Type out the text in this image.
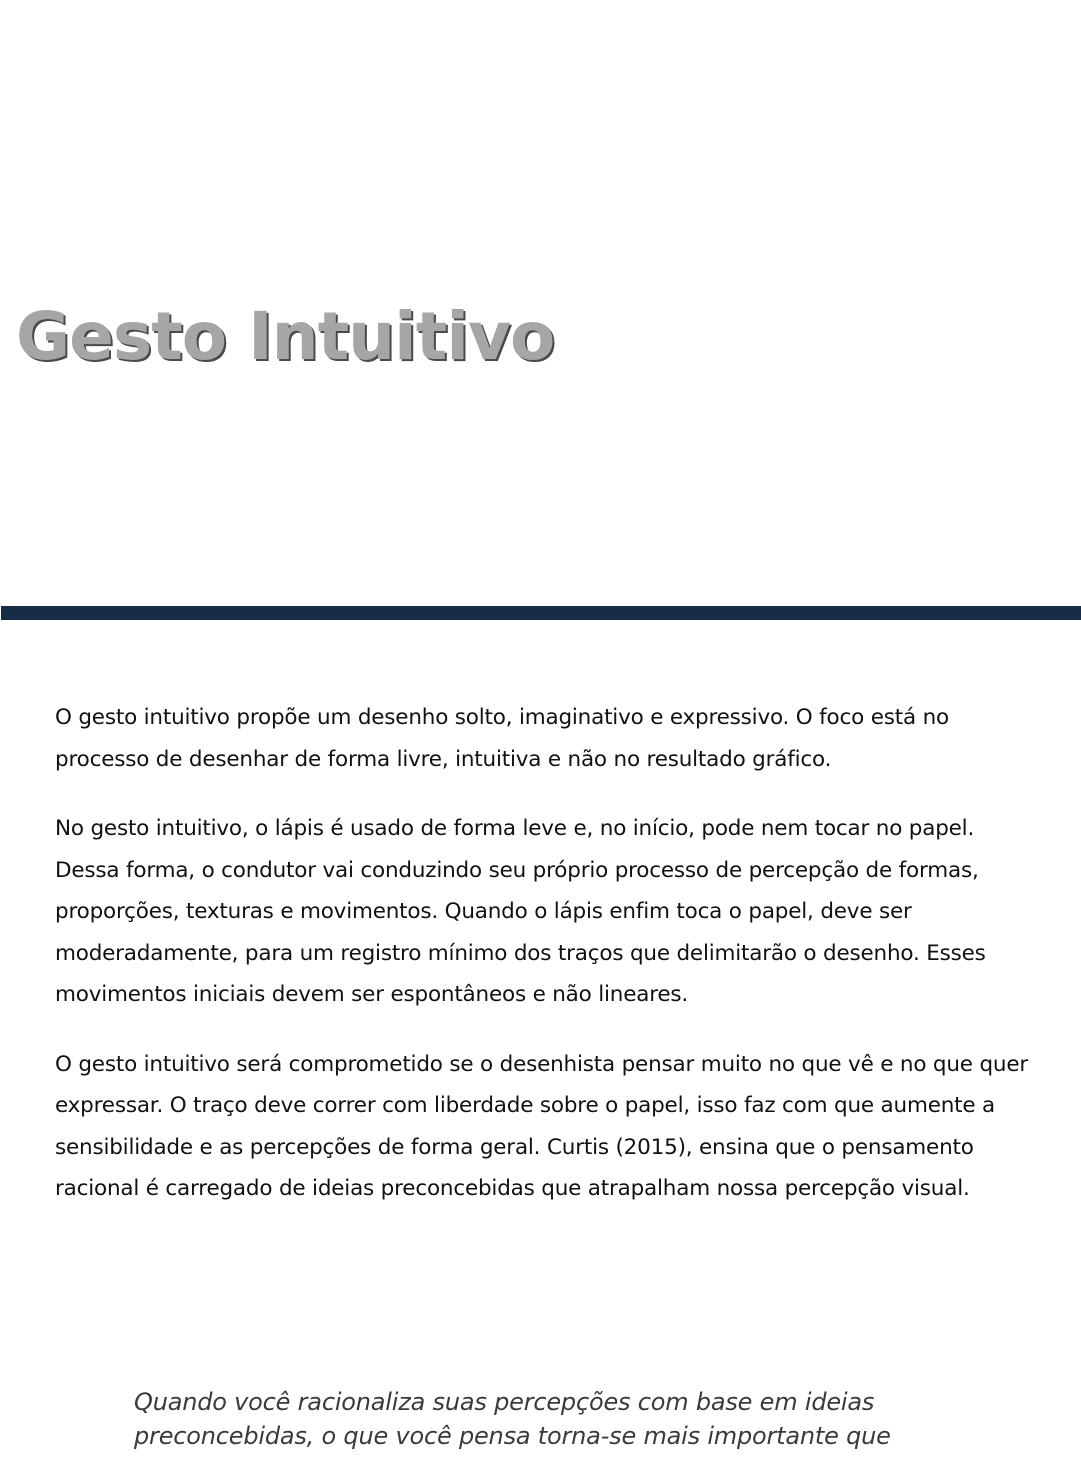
Gesto Intuitivo

O gesto intuitivo propõe um desenho solto, imaginativo e expressivo. O foco está no processo de desenhar de forma livre, intuitiva e não no resultado gráfico.

No gesto intuitivo, o lápis é usado de forma leve e, no início, pode nem tocar no papel. Dessa forma, o condutor vai conduzindo seu próprio processo de percepção de formas, proporções, texturas e movimentos. Quando o lápis enfim toca o papel, deve ser moderadamente, para um registro mínimo dos traços que delimitarão o desenho. Esses movimentos iniciais devem ser espontâneos e não lineares.

O gesto intuitivo será comprometido se o desenhista pensar muito no que vê e no que quer expressar. O traço deve correr com liberdade sobre o papel, isso faz com que aumente a sensibilidade e as percepções de forma geral. Curtis (2015), ensina que o pensamento racional é carregado de ideias preconcebidas que atrapalham nossa percepção visual.

Quando você racionaliza suas percepções com base em ideias preconcebidas, o que você pensa torna-se mais importante que
